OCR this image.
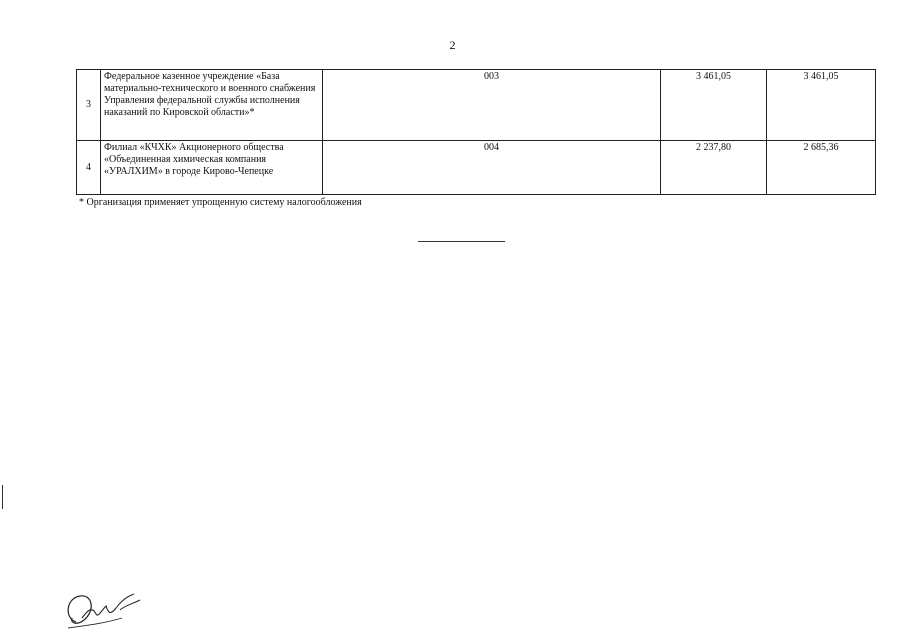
2
3	Федеральное казенное учреждение «База материально-технического и военного снабжения Управления федеральной службы исполнения наказаний по Кировской области»*	003	3 461,05	3 461,05
4	Филиал «КЧХК» Акционерного общества «Объединенная химическая компания «УРАЛХИМ» в городе Кирово-Чепецке	004	2 237,80	2 685,36
* Организация применяет упрощенную систему налогообложения
